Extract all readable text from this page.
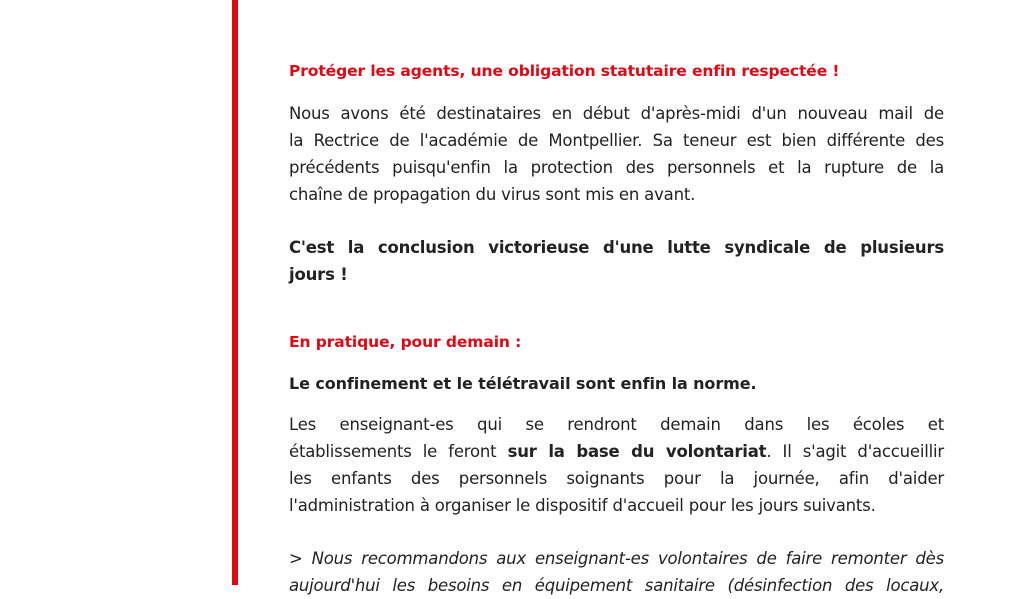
Protéger les agents, une obligation statutaire enfin respectée !
Nous avons été destinataires en début d'après-midi d'un nouveau mail de
la Rectrice de l'académie de Montpellier. Sa teneur est bien différente des
précédents puisqu'enfin la protection des personnels et la rupture de la
chaîne de propagation du virus sont mis en avant.
C'est la conclusion victorieuse d'une lutte syndicale de plusieurs
jours !
En pratique, pour demain :
Le confinement et le télétravail sont enfin la norme.
Les enseignant-es qui se rendront demain dans les écoles et
établissements le feront sur la base du volontariat. Il s'agit d'accueillir
les enfants des personnels soignants pour la journée, afin d'aider
l'administration à organiser le dispositif d'accueil pour les jours suivants.
> Nous recommandons aux enseignant-es volontaires de faire remonter dès
aujourd'hui les besoins en équipement sanitaire (désinfection des locaux,
